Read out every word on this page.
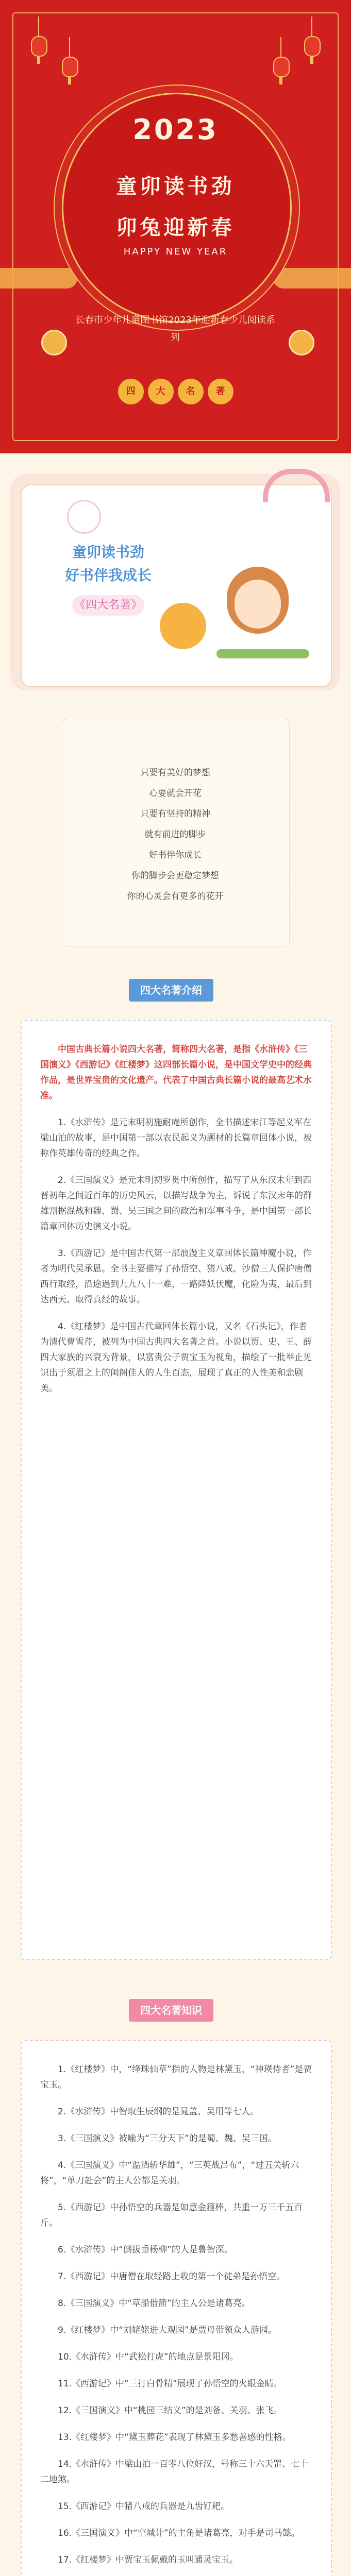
2023
童卯读书劲
卯兔迎新春
HAPPY NEW YEAR
长春市少年儿童图书馆2023年迎新春少儿阅读系列
四 大 名 著
童卯读书劲
好书伴我成长
《四大名著》
只要有美好的梦想
心要就会开花
只要有坚持的精神
就有前进的脚步
好书伴你成长
你的脚步会更稳定梦想
你的心灵会有更多的花开
四大名著介绍

中国古典长篇小说四大名著，简称四大名著，是指《水浒传》《三国演义》《西游记》《红楼梦》这四部长篇小说，是中国文学史中的经典作品，是世界宝贵的文化遗产。代表了中国古典长篇小说的最高艺术水准。

1.《水浒传》是元末明初施耐庵所创作，全书描述宋江等起义军在梁山泊的故事，是中国第一部以农民起义为题材的长篇章回体小说，被称作英雄传奇的经典之作。

2.《三国演义》是元末明初罗贯中所创作，描写了从东汉末年到西晋初年之间近百年的历史风云，以描写战争为主，诉说了东汉末年的群雄割据混战和魏、蜀、吴三国之间的政治和军事斗争，是中国第一部长篇章回体历史演义小说。

3.《西游记》是中国古代第一部浪漫主义章回体长篇神魔小说，作者为明代吴承恩。全书主要描写了孙悟空、猪八戒、沙僧三人保护唐僧西行取经，沿途遇到九九八十一难，一路降妖伏魔，化险为夷，最后到达西天、取得真经的故事。

4.《红楼梦》是中国古代章回体长篇小说，又名《石头记》，作者为清代曹雪芹，被列为中国古典四大名著之首。小说以贾、史、王、薛四大家族的兴衰为背景，以富贵公子贾宝玉为视角，描绘了一批举止见识出于须眉之上的闺阁佳人的人生百态，展现了真正的人性美和悲剧美。

四大名著知识

1.《红楼梦》中，“绛珠仙草”指的人物是林黛玉，“神瑛侍者”是贾宝玉。

2.《水浒传》中智取生辰纲的是晁盖、吴用等七人。

3.《三国演义》被喻为“三分天下”的是蜀、魏、吴三国。

4.《三国演义》中“温酒斩华雄”，“三英战吕布”，“过五关斩六将”，“单刀赴会”的主人公都是关羽。

5.《西游记》中孙悟空的兵器是如意金箍棒，共重一万三千五百斤。

6.《水浒传》中“倒拔垂杨柳”的人是鲁智深。

7.《西游记》中唐僧在取经路上收的第一个徒弟是孙悟空。

8.《三国演义》中“草船借箭”的主人公是诸葛亮。

9.《红楼梦》中“刘姥姥进大观园”是贾母带领众人游园。

10.《水浒传》中“武松打虎”的地点是景阳冈。

11.《西游记》中“三打白骨精”展现了孙悟空的火眼金睛。

12.《三国演义》中“桃园三结义”的是刘备、关羽、张飞。

13.《红楼梦》中“黛玉葬花”表现了林黛玉多愁善感的性格。

14.《水浒传》中梁山泊一百零八位好汉，号称三十六天罡、七十二地煞。

15.《西游记》中猪八戒的兵器是九齿钉耙。

16.《三国演义》中“空城计”的主角是诸葛亮，对手是司马懿。

17.《红楼梦》中贾宝玉佩戴的玉叫通灵宝玉。
